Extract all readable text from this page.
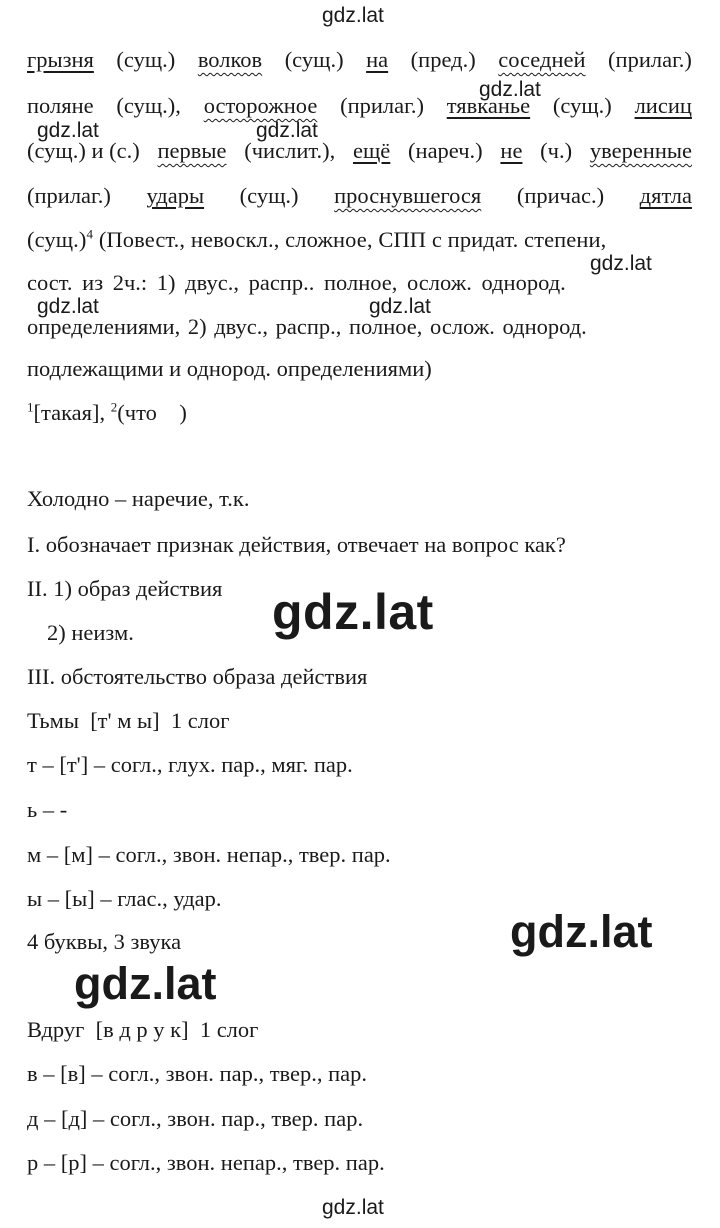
gdz.lat
gdz.lat
gdz.lat	gdz.lat
gdz.lat
gdz.lat	gdz.lat
gdz.lat
gdz.lat
gdz.lat
gdz.lat
грызня (сущ.) волков (сущ.) на (пред.) соседней (прилаг.)
поляне (сущ.), осторожное (прилаг.) тявканье (сущ.) лисиц
(сущ.) и (с.) первые (числит.), ещё (нареч.) не (ч.) уверенные
(прилаг.) удары (сущ.) проснувшегося (причас.) дятла
$(сущ.)^4$ (Повест., невоскл., сложное, СПП с придат. степени,
сост. из 2ч.: 1) двус., распр.. полное, ослож. однород.
определениями, 2) двус., распр., полное, ослож. однород.
подлежащими и однород. определениями)
$^1$[такая], $^2$(что    )
Холодно – наречие, т.к.
I. обозначает признак действия, отвечает на вопрос как?
II. 1) образ действия
2) неизм.
III. обстоятельство образа действия
Тьмы  [т' м ы]  1 слог
т – [т'] – согл., глух. пар., мяг. пар.
ь – -
м – [м] – согл., звон. непар., твер. пар.
ы – [ы] – глас., удар.
4 буквы, 3 звука
Вдруг  [в д р у к]  1 слог
в – [в] – согл., звон. пар., твер., пар.
д – [д] – согл., звон. пар., твер. пар.
р – [р] – согл., звон. непар., твер. пар.
